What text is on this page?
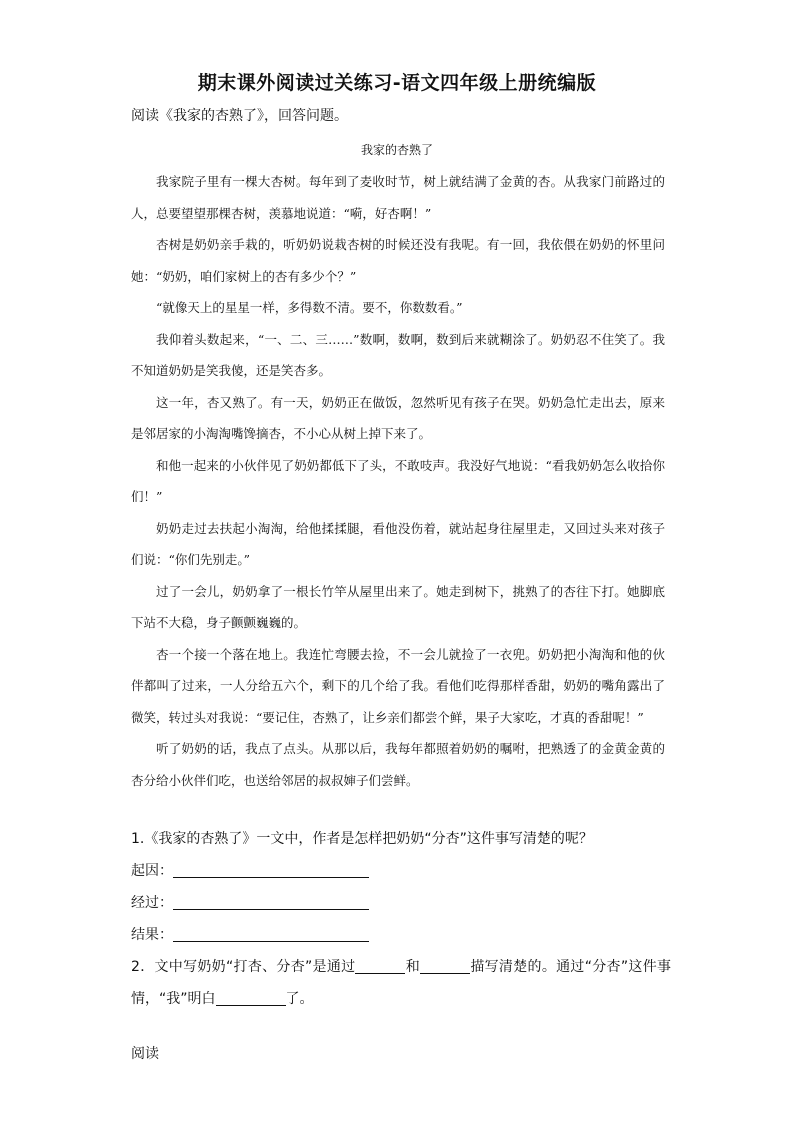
期末课外阅读过关练习-语文四年级上册统编版
阅读《我家的杏熟了》，回答问题。
我家的杏熟了

我家院子里有一棵大杏树。每年到了麦收时节，树上就结满了金黄的杏。从我家门前路过的人，总要望望那棵杏树，羡慕地说道：“嗬，好杏啊！”

杏树是奶奶亲手栽的，听奶奶说栽杏树的时候还没有我呢。有一回，我依偎在奶奶的怀里问她：“奶奶，咱们家树上的杏有多少个？”

“就像天上的星星一样，多得数不清。要不，你数数看。”

我仰着头数起来，“一、二、三……”数啊，数啊，数到后来就糊涂了。奶奶忍不住笑了。我不知道奶奶是笑我傻，还是笑杏多。

这一年，杏又熟了。有一天，奶奶正在做饭，忽然听见有孩子在哭。奶奶急忙走出去，原来是邻居家的小淘淘嘴馋摘杏，不小心从树上掉下来了。

和他一起来的小伙伴见了奶奶都低下了头，不敢吱声。我没好气地说：“看我奶奶怎么收拾你们！”

奶奶走过去扶起小淘淘，给他揉揉腿，看他没伤着，就站起身往屋里走，又回过头来对孩子们说：“你们先别走。”

过了一会儿，奶奶拿了一根长竹竿从屋里出来了。她走到树下，挑熟了的杏往下打。她脚底下站不大稳，身子颤颤巍巍的。

杏一个接一个落在地上。我连忙弯腰去捡，不一会儿就捡了一衣兜。奶奶把小淘淘和他的伙伴都叫了过来，一人分给五六个，剩下的几个给了我。看他们吃得那样香甜，奶奶的嘴角露出了微笑，转过头对我说：“要记住，杏熟了，让乡亲们都尝个鲜，果子大家吃，才真的香甜呢！”

听了奶奶的话，我点了点头。从那以后，我每年都照着奶奶的嘱咐，把熟透了的金黄金黄的杏分给小伙伴们吃，也送给邻居的叔叔婶子们尝鲜。

1.《我家的杏熟了》一文中，作者是怎样把奶奶“分杏”这件事写清楚的呢？
起因：
经过：
结果：
2．文中写奶奶“打杏、分杏”是通过	和	描写清楚的。通过“分杏”这件事情，“我”明白	了。
阅读
